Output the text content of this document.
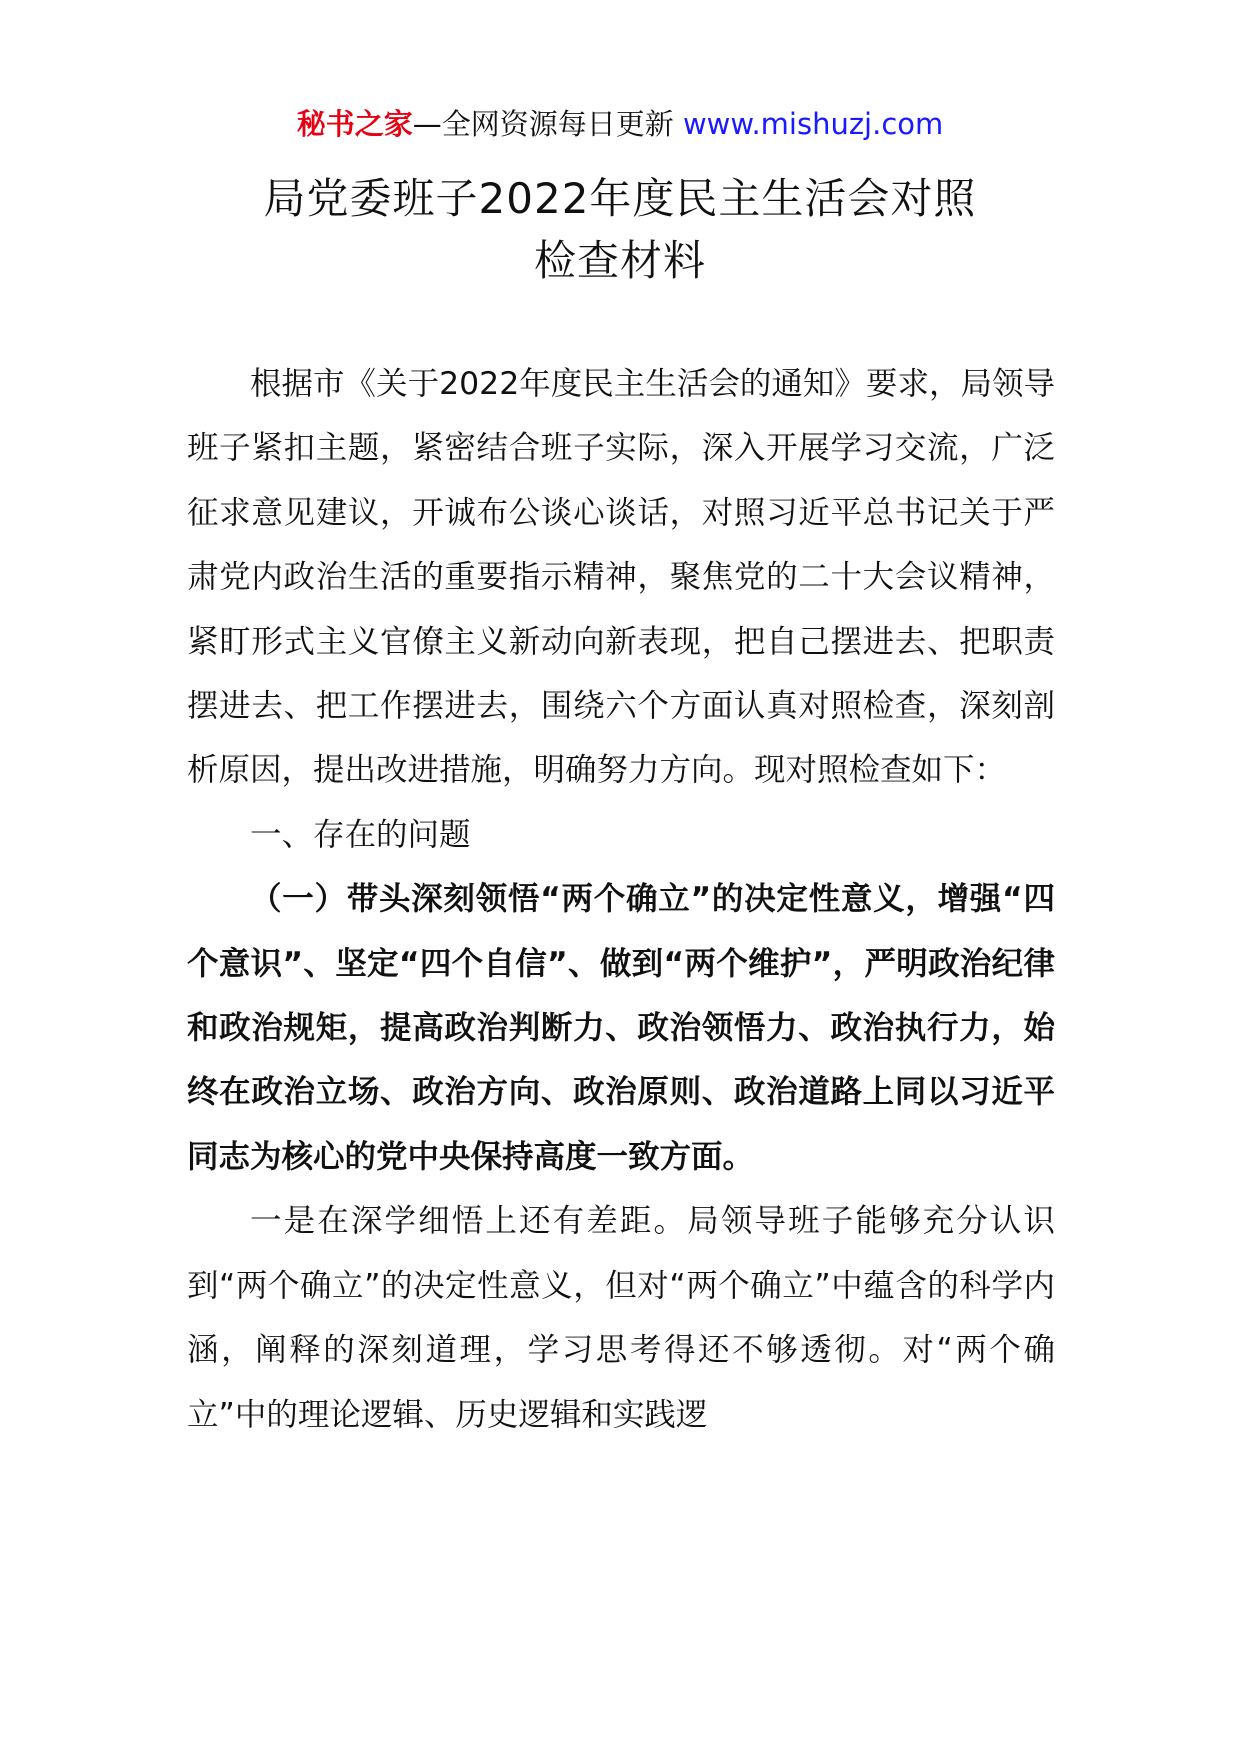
秘书之家—全网资源每日更新 www.mishuzj.com
局党委班子2022年度民主生活会对照
检查材料

根据市《关于2022年度民主生活会的通知》要求，局领导班子紧扣主题，紧密结合班子实际，深入开展学习交流，广泛征求意见建议，开诚布公谈心谈话，对照习近平总书记关于严肃党内政治生活的重要指示精神，聚焦党的二十大会议精神，紧盯形式主义官僚主义新动向新表现，把自己摆进去、把职责摆进去、把工作摆进去，围绕六个方面认真对照检查，深刻剖析原因，提出改进措施，明确努力方向。现对照检查如下：

一、存在的问题

（一）带头深刻领悟“两个确立”的决定性意义，增强“四个意识”、坚定“四个自信”、做到“两个维护”，严明政治纪律和政治规矩，提高政治判断力、政治领悟力、政治执行力，始终在政治立场、政治方向、政治原则、政治道路上同以习近平同志为核心的党中央保持高度一致方面。

一是在深学细悟上还有差距。局领导班子能够充分认识到“两个确立”的决定性意义，但对“两个确立”中蕴含的科学内涵，阐释的深刻道理，学习思考得还不够透彻。对“两个确立”中的理论逻辑、历史逻辑和实践逻
